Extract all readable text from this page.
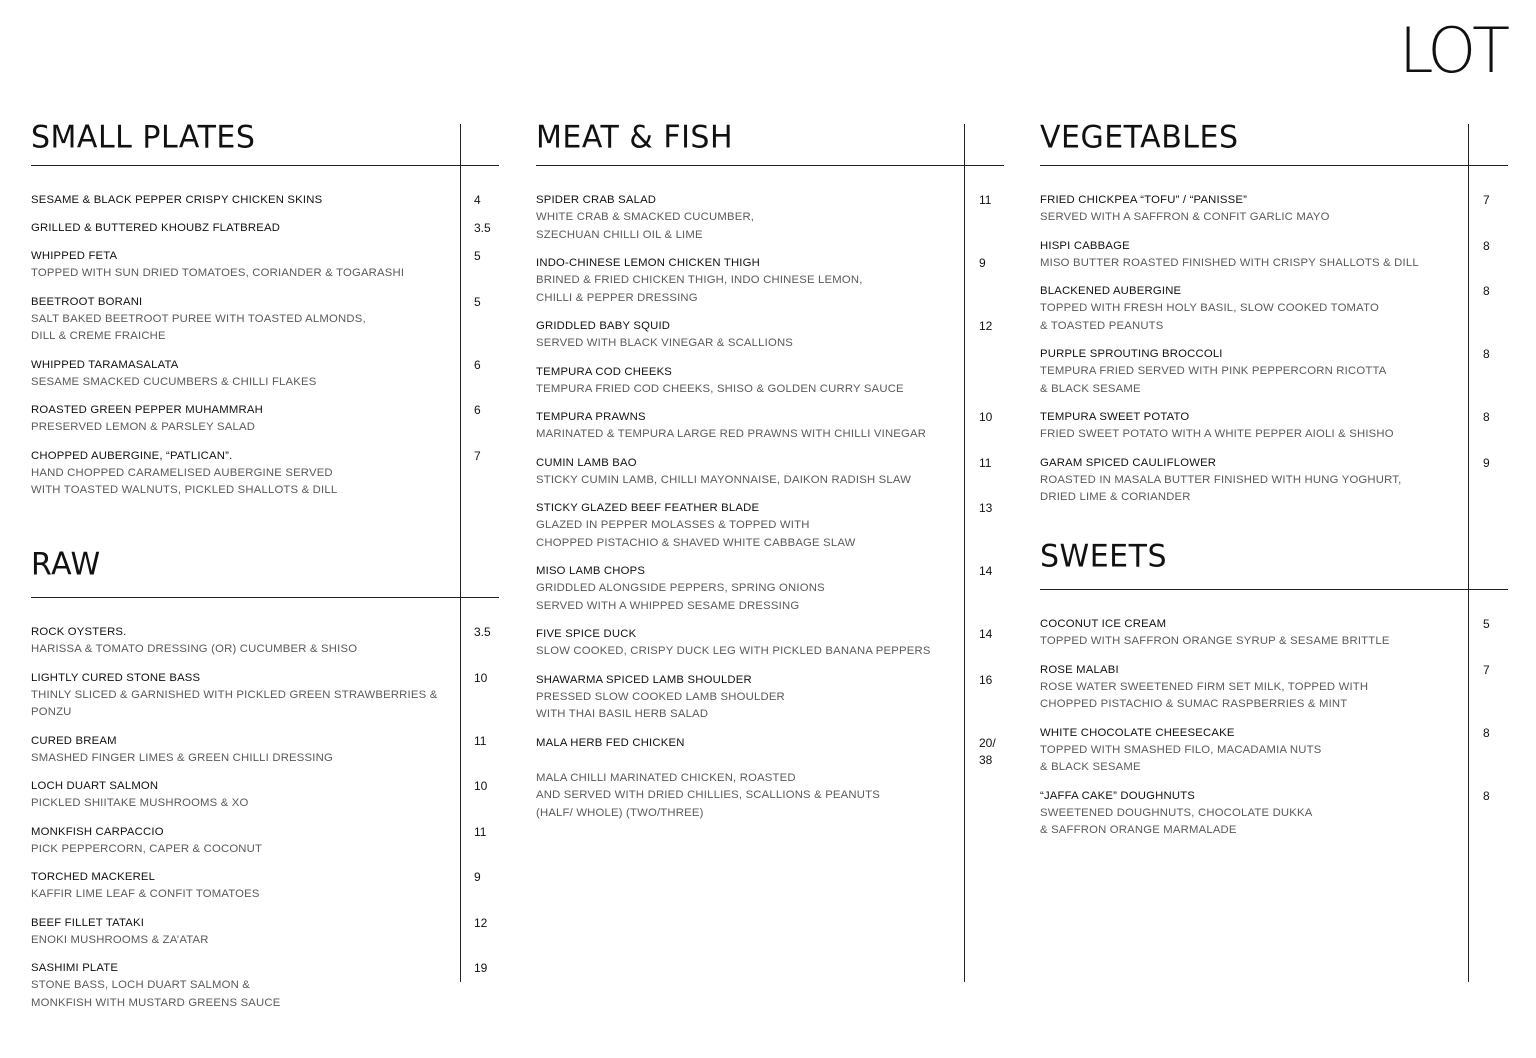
LOT
SMALL PLATES
SESAME & BLACK PEPPER CRISPY CHICKEN SKINS	4
GRILLED & BUTTERED KHOUBZ FLATBREAD	3.5
WHIPPED FETA
TOPPED WITH SUN DRIED TOMATOES, CORIANDER & TOGARASHI
5
BEETROOT BORANI
SALT BAKED BEETROOT PUREE WITH TOASTED ALMONDS,
DILL & CREME FRAICHE
5
WHIPPED TARAMASALATA
SESAME SMACKED CUCUMBERS & CHILLI FLAKES
6
ROASTED GREEN PEPPER MUHAMMRAH
PRESERVED LEMON & PARSLEY SALAD
6
CHOPPED AUBERGINE, “PATLICAN”.
HAND CHOPPED CARAMELISED AUBERGINE SERVED
WITH TOASTED WALNUTS, PICKLED SHALLOTS & DILL
7
RAW
ROCK OYSTERS.
HARISSA & TOMATO DRESSING (OR) CUCUMBER & SHISO
3.5
LIGHTLY CURED STONE BASS
THINLY SLICED & GARNISHED WITH PICKLED GREEN STRAWBERRIES & PONZU
10
CURED BREAM
SMASHED FINGER LIMES & GREEN CHILLI DRESSING
11
LOCH DUART SALMON
PICKLED SHIITAKE MUSHROOMS & XO
10
MONKFISH CARPACCIO
PICK PEPPERCORN, CAPER & COCONUT
11
TORCHED MACKEREL
KAFFIR LIME LEAF & CONFIT TOMATOES
9
BEEF FILLET TATAKI
ENOKI MUSHROOMS & ZA’ATAR
12
SASHIMI PLATE
STONE BASS, LOCH DUART SALMON &
MONKFISH WITH MUSTARD GREENS SAUCE
19
MEAT & FISH
SPIDER CRAB SALAD
WHITE CRAB & SMACKED CUCUMBER,
SZECHUAN CHILLI OIL & LIME
11
INDO-CHINESE LEMON CHICKEN THIGH
BRINED & FRIED CHICKEN THIGH, INDO CHINESE LEMON,
CHILLI & PEPPER DRESSING
9
GRIDDLED BABY SQUID
SERVED WITH BLACK VINEGAR & SCALLIONS
12
TEMPURA COD CHEEKS
TEMPURA FRIED COD CHEEKS, SHISO & GOLDEN CURRY SAUCE
TEMPURA PRAWNS
MARINATED & TEMPURA LARGE RED PRAWNS WITH CHILLI VINEGAR
10
CUMIN LAMB BAO
STICKY CUMIN LAMB, CHILLI MAYONNAISE, DAIKON RADISH SLAW
11
STICKY GLAZED BEEF FEATHER BLADE
GLAZED IN PEPPER MOLASSES & TOPPED WITH
CHOPPED PISTACHIO & SHAVED WHITE CABBAGE SLAW
13
MISO LAMB CHOPS
GRIDDLED ALONGSIDE PEPPERS, SPRING ONIONS
SERVED WITH A WHIPPED SESAME DRESSING
14
FIVE SPICE DUCK
SLOW COOKED, CRISPY DUCK LEG WITH PICKLED BANANA PEPPERS
14
SHAWARMA SPICED LAMB SHOULDER
PRESSED SLOW COOKED LAMB SHOULDER
WITH THAI BASIL HERB SALAD
16
MALA HERB FED CHICKEN
MALA CHILLI MARINATED CHICKEN, ROASTED
AND SERVED WITH DRIED CHILLIES, SCALLIONS & PEANUTS
(HALF/ WHOLE) (TWO/THREE)
20/
38
VEGETABLES
FRIED CHICKPEA “TOFU” / “PANISSE”
SERVED WITH A SAFFRON & CONFIT GARLIC MAYO
7
HISPI CABBAGE
MISO BUTTER ROASTED FINISHED WITH CRISPY SHALLOTS & DILL
8
BLACKENED AUBERGINE
TOPPED WITH FRESH HOLY BASIL, SLOW COOKED TOMATO
& TOASTED PEANUTS
8
PURPLE SPROUTING BROCCOLI
TEMPURA FRIED SERVED WITH PINK PEPPERCORN RICOTTA
& BLACK SESAME
8
TEMPURA SWEET POTATO
FRIED SWEET POTATO WITH A WHITE PEPPER AIOLI & SHISHO
8
GARAM SPICED CAULIFLOWER
ROASTED IN MASALA BUTTER FINISHED WITH HUNG YOGHURT,
DRIED LIME & CORIANDER
9
SWEETS
COCONUT ICE CREAM
TOPPED WITH SAFFRON ORANGE SYRUP & SESAME BRITTLE
5
ROSE MALABI
ROSE WATER SWEETENED FIRM SET MILK, TOPPED WITH
CHOPPED PISTACHIO & SUMAC RASPBERRIES & MINT
7
WHITE CHOCOLATE CHEESECAKE
TOPPED WITH SMASHED FILO, MACADAMIA NUTS
& BLACK SESAME
8
“JAFFA CAKE” DOUGHNUTS
SWEETENED DOUGHNUTS, CHOCOLATE DUKKA
& SAFFRON ORANGE MARMALADE
8
